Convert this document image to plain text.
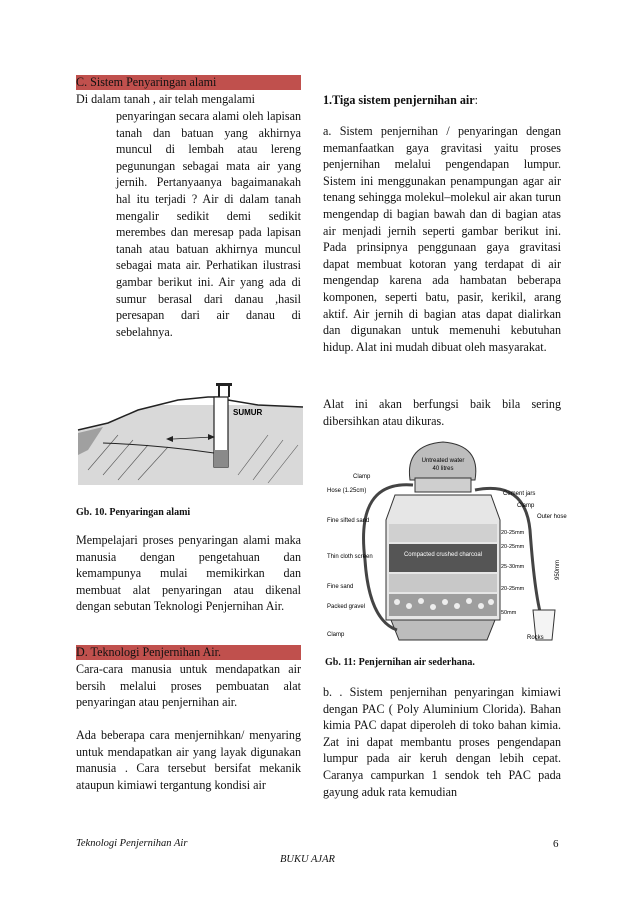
C. Sistem Penyaringan alami

Di dalam tanah , air telah mengalami

penyaringan secara alami oleh lapisan tanah dan batuan yang akhirnya muncul di lembah atau lereng pegunungan sebagai mata air yang jernih. Pertanyaanya bagaimanakah hal itu terjadi ? Air di dalam tanah mengalir sedikit demi sedikit merembes dan meresap pada lapisan tanah atau batuan akhirnya muncul sebagai mata air. Perhatikan ilustrasi gambar berikut ini. Air yang ada di sumur berasal dari danau ,hasil peresapan dari air danau di sebelahnya.

SUMUR
Gb. 10. Penyaringan alami

Mempelajari proses penyaringan alami maka manusia dengan pengetahuan dan kemampunya mulai memikirkan dan membuat alat penyaringan atau dikenal dengan sebutan Teknologi Penjernihan Air.

D. Teknologi Penjernihan Air.

Cara-cara manusia untuk mendapatkan air bersih melalui proses pembuatan alat penyaringan atau penjernihan air.

Ada beberapa cara menjernihkan/ menyaring untuk mendapatkan air yang layak digunakan manusia . Cara tersebut bersifat mekanik ataupun kimiawi tergantung kondisi air

1.Tiga sistem penjernihan air:

a. Sistem penjernihan / penyaringan dengan memanfaatkan gaya gravitasi yaitu proses penjernihan melalui pengendapan lumpur. Sistem ini menggunakan penampungan agar air tenang sehingga molekul–molekul air akan turun mengendap di bagian bawah dan di bagian atas air menjadi jernih seperti gambar berikut ini. Pada prinsipnya penggunaan gaya gravitasi dapat membuat kotoran yang terdapat di air mengendap karena ada hambatan beberapa komponen, seperti batu, pasir, kerikil, arang aktif. Air jernih di bagian atas dapat dialirkan dan digunakan untuk memenuhi kebutuhan hidup. Alat ini mudah dibuat oleh masyarakat.

Alat ini akan berfungsi baik bila sering dibersihkan atau dikuras.

Untreated water
40 litres
Compacted crushed charcoal
Clamp
Hose (1.25cm)
Fine sifted sand
Thin cloth screen
Fine sand
Packed gravel
Clamp
Cement jars
Clamp
Outer hose
20-25mm
20-25mm
25-30mm
20-25mm
50mm
Rocks
950mm
Gb. 11: Penjernihan air sederhana.

b. . Sistem penjernihan penyaringan kimiawi dengan PAC ( Poly Aluminium Clorida). Bahan kimia PAC dapat diperoleh di toko bahan kimia. Zat ini dapat membantu proses pengendapan lumpur pada air keruh dengan lebih cepat. Caranya campurkan 1 sendok teh PAC pada gayung aduk rata kemudian

Teknologi Penjernihan Air	6
BUKU AJAR
